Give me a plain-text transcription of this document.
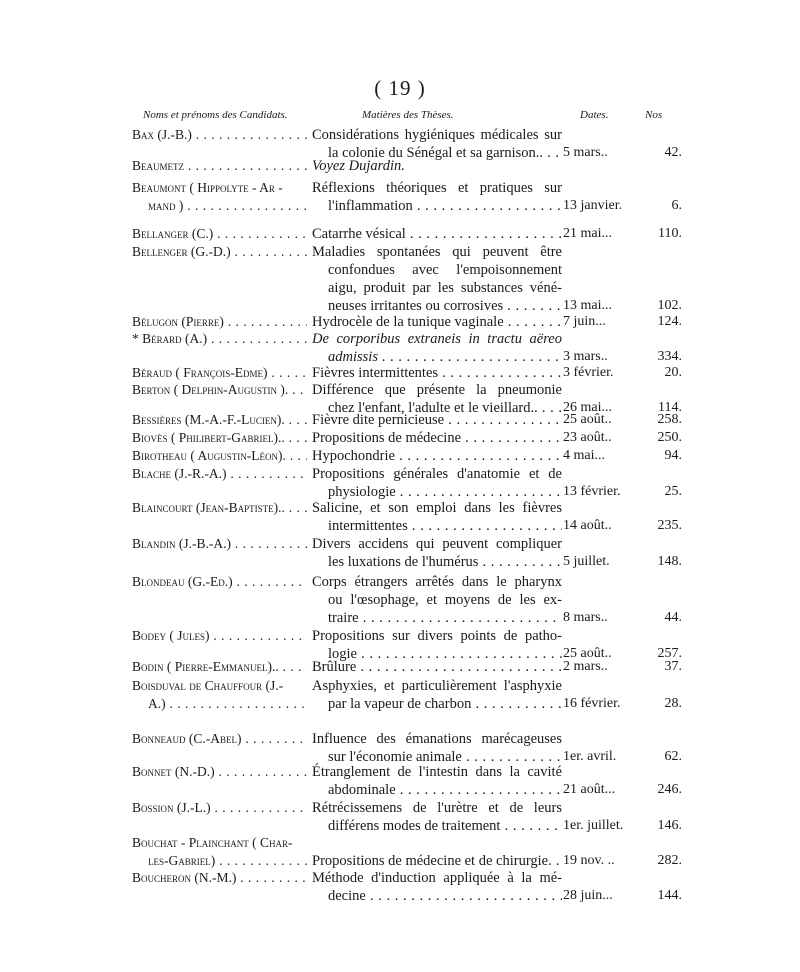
( 19 )
Noms et prénoms des Candidats.	Matières des Thèses.	Dates.	Nos
Bax (J.-B.) . . .	Considérations hygiéniques médicales sur
la colonie du Sénégal et sa garnison.. . . .	5 mars..	42.
Beaumetz . . .	Voyez Dujardin.
Beaumont ( Hippolyte - Ar -
mand ) . . .
Réflexions théoriques et pratiques sur
l'inflammation . . .	13 janvier.	6.
Bellanger (C.) . . .	Catarrhe vésical . . .	21 mai...	110.
Bellenger (G.-D.) . . .	Maladies spontanées qui peuvent être
confondues avec l'empoisonnement
aigu, produit par les substances véné-
neuses irritantes ou corrosives . . .	13 mai...	102.
Bélugon (Pierre) . . .	Hydrocèle de la tunique vaginale . . .	7 juin...	124.
* Bérard (A.) . . .	De corporibus extraneis in tractu aëreo
admissis . . .	3 mars..	334.
Béraud ( François-Edme) . . .	Fièvres intermittentes . . .	3 février.	20.
Berton ( Delphin-Augustin ). . . .	Différence que présente la pneumonie
chez l'enfant, l'adulte et le vieillard.. . . .	26 mai...	114.
Bessières (M.-A.-F.-Lucien). . . .	Fièvre dite pernicieuse . . .	25 août..	258.
Biovès ( Philibert-Gabriel).. . . .	Propositions de médecine . . .	23 août..	250.
Birotheau ( Augustin-Léon). . . .	Hypochondrie . . .	4 mai...	94.
Blache (J.-R.-A.) . . .	Propositions générales d'anatomie et de
physiologie . . .	13 février.	25.
Blaincourt (Jean-Baptiste).. . . .	Salicine, et son emploi dans les fièvres
intermittentes . . .	14 août..	235.
Blandin (J.-B.-A.) . . .	Divers accidens qui peuvent compliquer
les luxations de l'humérus . . .	5 juillet.	148.
Blondeau (G.-Ed.) . . .	Corps étrangers arrêtés dans le pharynx
ou l'œsophage, et moyens de les ex-
traire . . .	8 mars..	44.
Bodey ( Jules) . . .	Propositions sur divers points de patho-
logie . . .	25 août..	257.
Bodin ( Pierre-Emmanuel).. . . .	Brûlure . . .	2 mars..	37.
Boisduval de Chauffour (J.-
A.) . . .
Asphyxies, et particulièrement l'asphyxie
par la vapeur de charbon . . .	16 février.	28.
Bonneaud (C.-Abel) . . .	Influence des émanations marécageuses
sur l'économie animale . . .	1er. avril.	62.
Bonnet (N.-D.) . . .	Étranglement de l'intestin dans la cavité
abdominale . . .	21 août...	246.
Bossion (J.-L.) . . .	Rétrécissemens de l'urètre et de leurs
différens modes de traitement . . .	1er. juillet.	146.
Bouchat - Plainchant ( Char-
les-Gabriel) . . .	Propositions de médecine et de chirurgie. . . . 19 nov. ..	282.
Boucheron (N.-M.) . . .	Méthode d'induction appliquée à la mé-
decine . . .	28 juin...	144.
